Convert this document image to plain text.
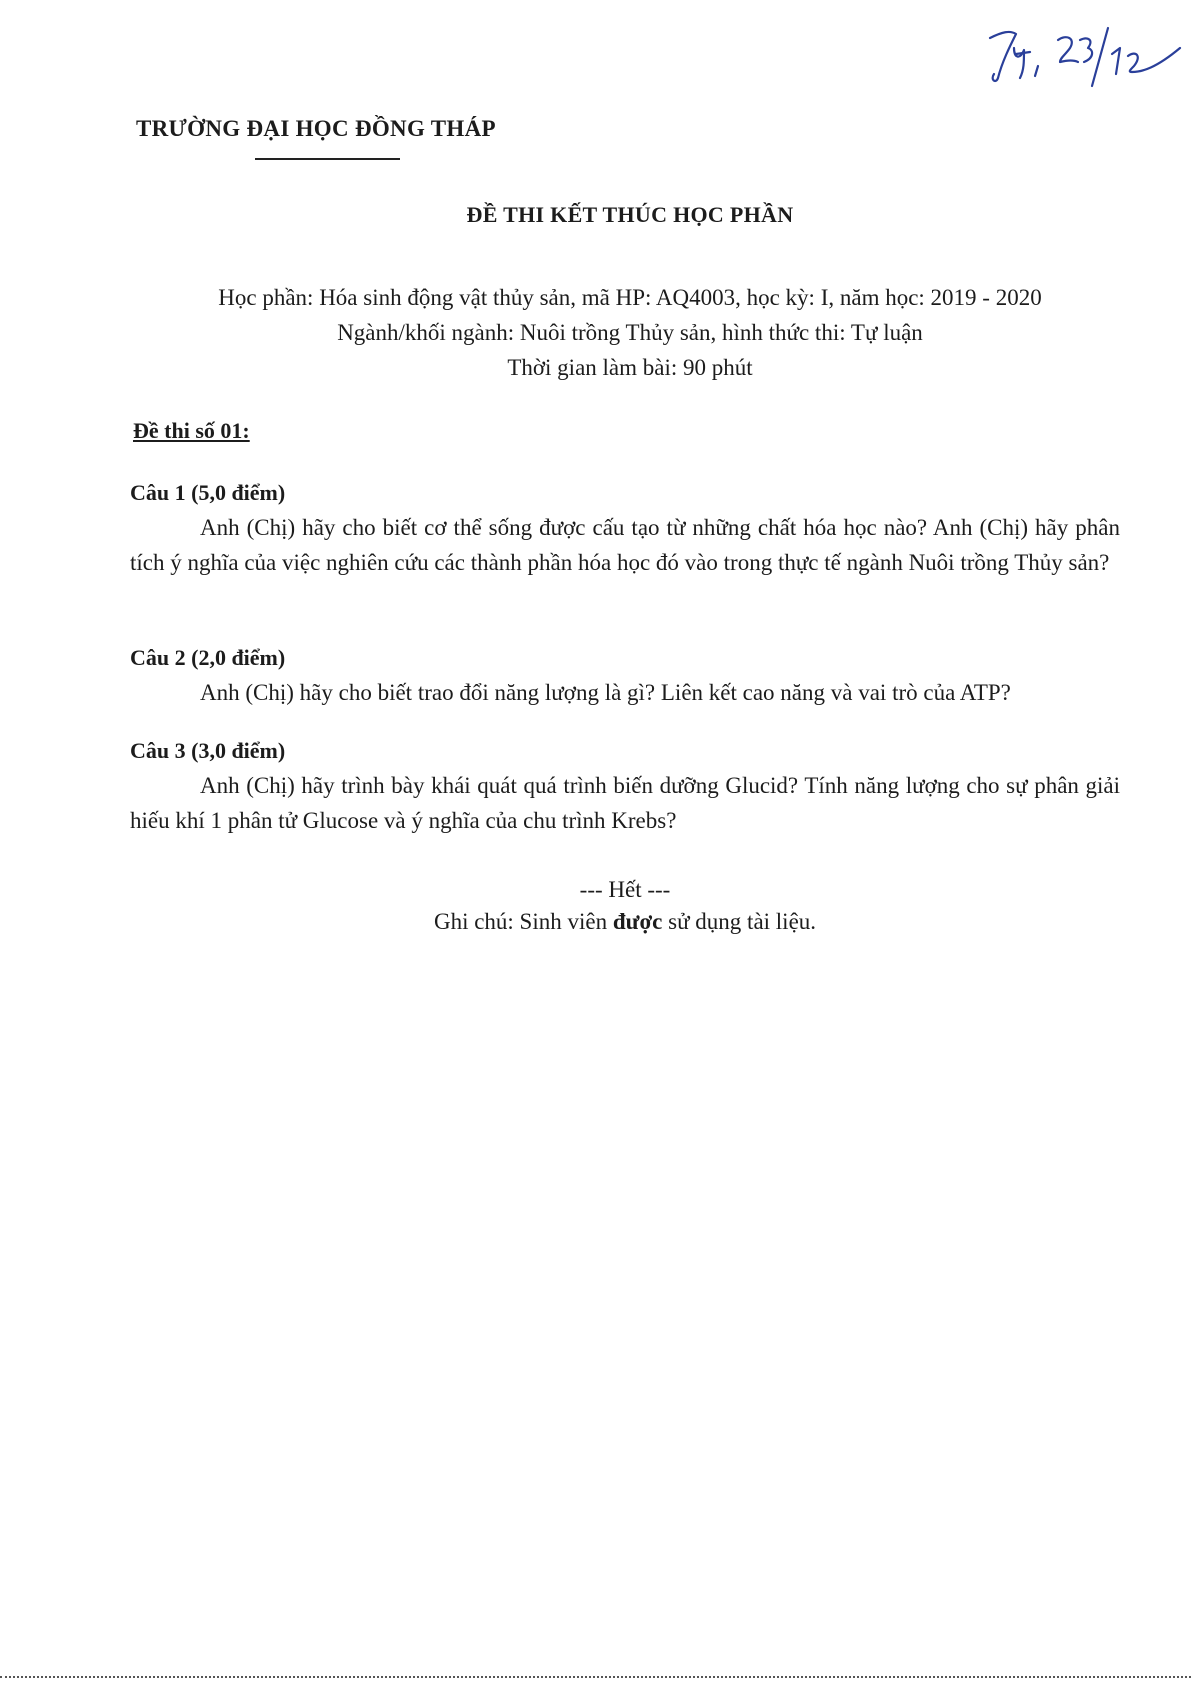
TRƯỜNG ĐẠI HỌC ĐỒNG THÁP
ĐỀ THI KẾT THÚC HỌC PHẦN
Học phần: Hóa sinh động vật thủy sản, mã HP: AQ4003, học kỳ: I, năm học: 2019 - 2020
Ngành/khối ngành: Nuôi trồng Thủy sản, hình thức thi: Tự luận
Thời gian làm bài: 90 phút
Đề thi số 01:
Câu 1 (5,0 điểm)

Anh (Chị) hãy cho biết cơ thể sống được cấu tạo từ những chất hóa học nào? Anh (Chị) hãy phân tích ý nghĩa của việc nghiên cứu các thành phần hóa học đó vào trong thực tế ngành Nuôi trồng Thủy sản?

Câu 2 (2,0 điểm)

Anh (Chị) hãy cho biết trao đổi năng lượng là gì? Liên kết cao năng và vai trò của ATP?

Câu 3 (3,0 điểm)

Anh (Chị) hãy trình bày khái quát quá trình biến dưỡng Glucid? Tính năng lượng cho sự phân giải hiếu khí 1 phân tử Glucose và ý nghĩa của chu trình Krebs?

--- Hết ---
Ghi chú: Sinh viên được sử dụng tài liệu.
